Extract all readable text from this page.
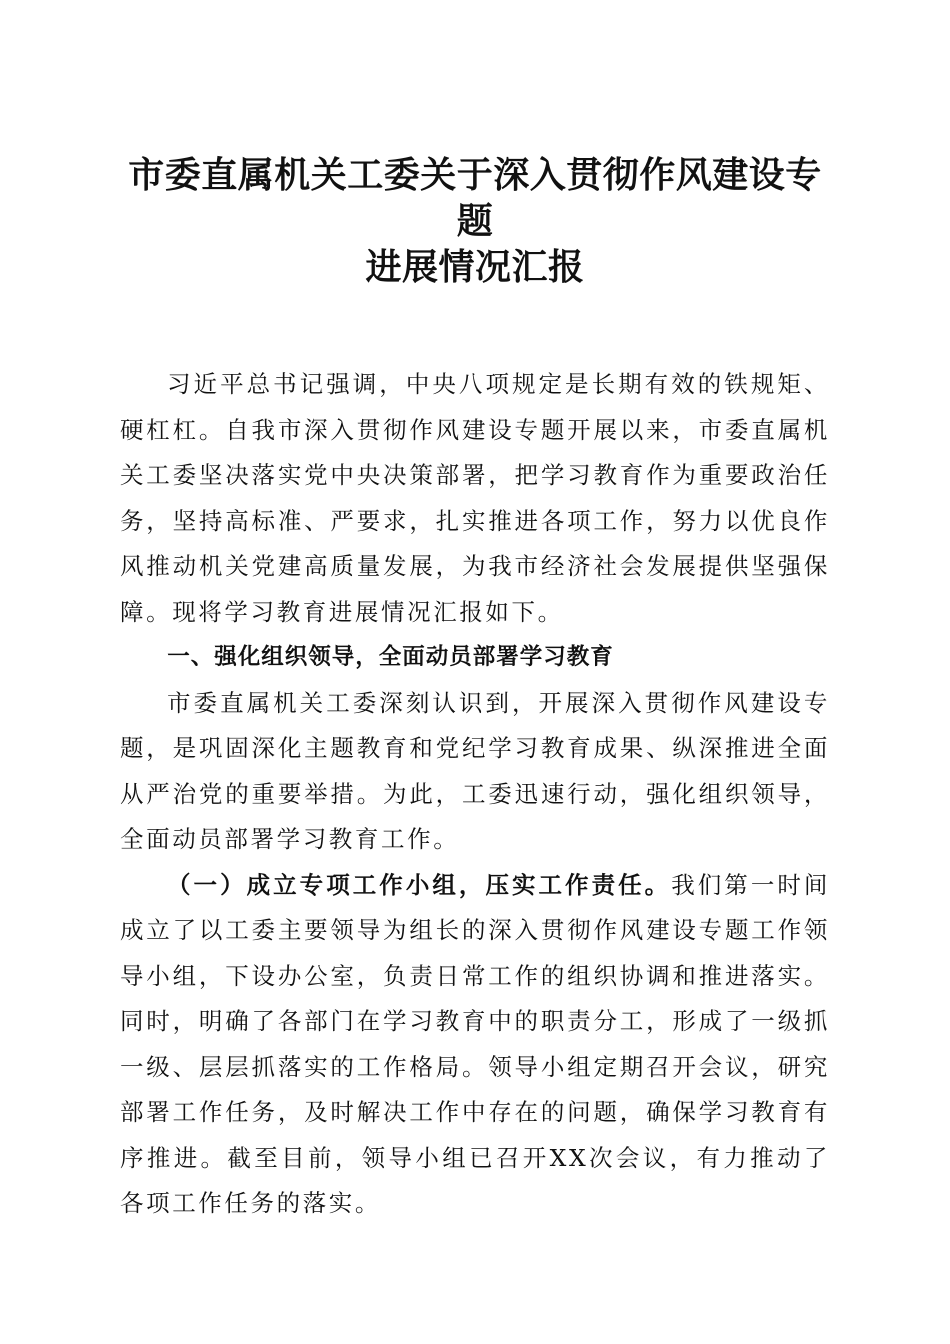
市委直属机关工委关于深入贯彻作风建设专题
进展情况汇报

习近平总书记强调，中央八项规定是长期有效的铁规矩、硬杠杠。自我市深入贯彻作风建设专题开展以来，市委直属机关工委坚决落实党中央决策部署，把学习教育作为重要政治任务，坚持高标准、严要求，扎实推进各项工作，努力以优良作风推动机关党建高质量发展，为我市经济社会发展提供坚强保障。现将学习教育进展情况汇报如下。

一、强化组织领导，全面动员部署学习教育

市委直属机关工委深刻认识到，开展深入贯彻作风建设专题，是巩固深化主题教育和党纪学习教育成果、纵深推进全面从严治党的重要举措。为此，工委迅速行动，强化组织领导，全面动员部署学习教育工作。

（一）成立专项工作小组，压实工作责任。我们第一时间成立了以工委主要领导为组长的深入贯彻作风建设专题工作领导小组，下设办公室，负责日常工作的组织协调和推进落实。同时，明确了各部门在学习教育中的职责分工，形成了一级抓一级、层层抓落实的工作格局。领导小组定期召开会议，研究部署工作任务，及时解决工作中存在的问题，确保学习教育有序推进。截至目前，领导小组已召开XX次会议，有力推动了各项工作任务的落实。
